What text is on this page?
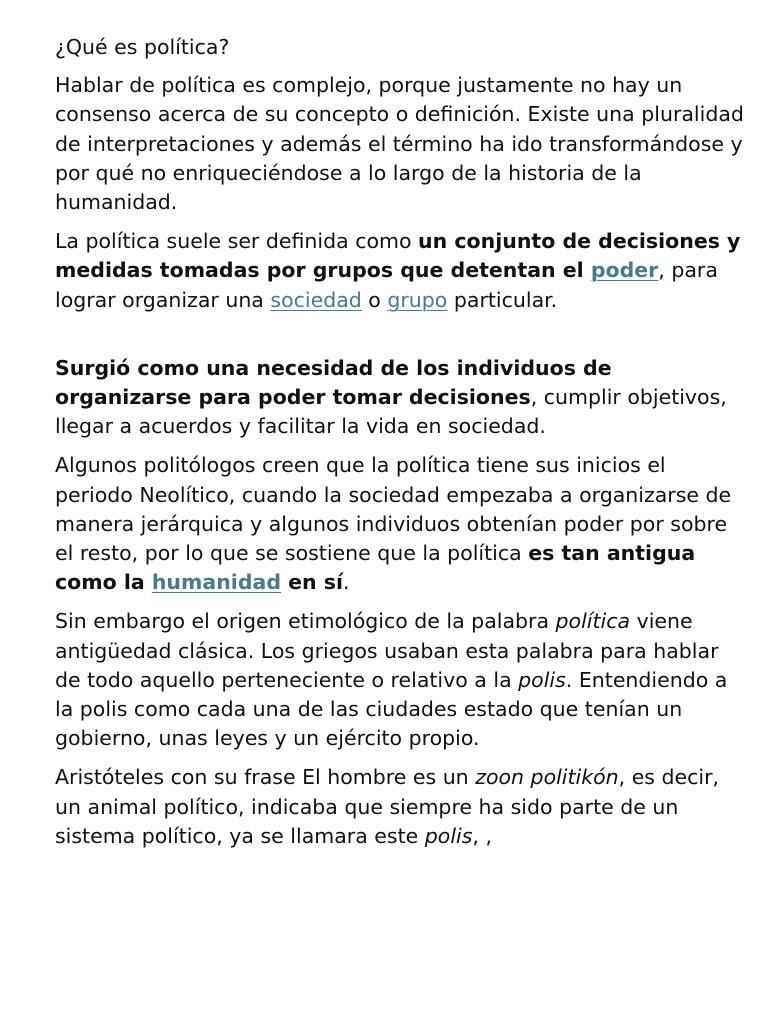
¿Qué es política?

Hablar de política es complejo, porque justamente no hay un consenso acerca de su concepto o definición. Existe una pluralidad de interpretaciones y además el término ha ido transformándose y por qué no enriqueciéndose a lo largo de la historia de la humanidad.

La política suele ser definida como un conjunto de decisiones y medidas tomadas por grupos que detentan el poder, para lograr organizar una sociedad o grupo particular.

Surgió como una necesidad de los individuos de organizarse para poder tomar decisiones, cumplir objetivos, llegar a acuerdos y facilitar la vida en sociedad.

Algunos politólogos creen que la política tiene sus inicios el periodo Neolítico, cuando la sociedad empezaba a organizarse de manera jerárquica y algunos individuos obtenían poder por sobre el resto, por lo que se sostiene que la política es tan antigua como la humanidad en sí.

Sin embargo el origen etimológico de la palabra política viene antigüedad clásica. Los griegos usaban esta palabra para hablar de todo aquello perteneciente o relativo a la polis. Entendiendo a la polis como cada una de las ciudades estado que tenían un gobierno, unas leyes y un ejército propio.

Aristóteles con su frase El hombre es un zoon politikón, es decir, un animal político, indicaba que siempre ha sido parte de un sistema político, ya se llamara este polis, ,
